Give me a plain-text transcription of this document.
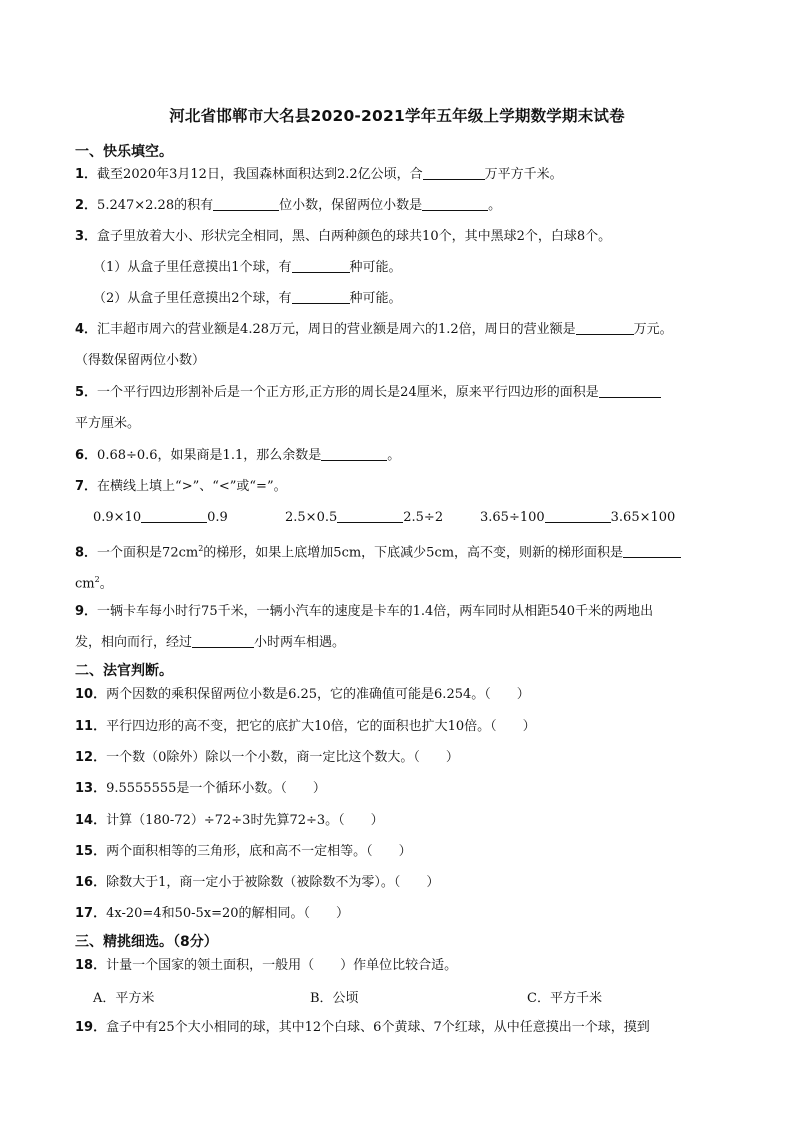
河北省邯郸市大名县2020-2021学年五年级上学期数学期末试卷
一、快乐填空。
1．截至2020年3月12日，我国森林面积达到2.2亿公顷，合	万平方千米。
2．5.247×2.28的积有	位小数，保留两位小数是	。
3．盒子里放着大小、形状完全相同，黑、白两种颜色的球共10个，其中黑球2个，白球8个。
（1）从盒子里任意摸出1个球，有	种可能。
（2）从盒子里任意摸出2个球，有	种可能。
4．汇丰超市周六的营业额是4.28万元，周日的营业额是周六的1.2倍，周日的营业额是	万元。
（得数保留两位小数）
5．一个平行四边形割补后是一个正方形,正方形的周长是24厘米，原来平行四边形的面积是
平方厘米。
6．0.68÷0.6，如果商是1.1，那么余数是	。
7．在横线上填上“>”、“<”或“=”。
0.9×10	0.9	2.5×0.5	2.5÷2	3.65÷100	3.65×100
8．一个面积是$72cm^2$的梯形，如果上底增加5cm，下底减少5cm，高不变，则新的梯形面积是
$cm^2$。
9．一辆卡车每小时行75千米，一辆小汽车的速度是卡车的1.4倍，两车同时从相距540千米的两地出
发，相向而行，经过	小时两车相遇。
二、法官判断。
10．两个因数的乘积保留两位小数是6.25，它的准确值可能是6.254。（　　）
11．平行四边形的高不变，把它的底扩大10倍，它的面积也扩大10倍。（　　）
12．一个数（0除外）除以一个小数，商一定比这个数大。（　　）
13．9.5555555是一个循环小数。（　　）
14．计算（180-72）÷72÷3时先算72÷3。（　　）
15．两个面积相等的三角形，底和高不一定相等。（　　）
16．除数大于1，商一定小于被除数（被除数不为零）。（　　）
17．4x-20=4和50-5x=20的解相同。（　　）
三、精挑细选。（8分）
18．计量一个国家的领土面积，一般用（　　）作单位比较合适。
A．平方米	B．公顷	C．平方千米
19．盒子中有25个大小相同的球，其中12个白球、6个黄球、7个红球，从中任意摸出一个球，摸到
